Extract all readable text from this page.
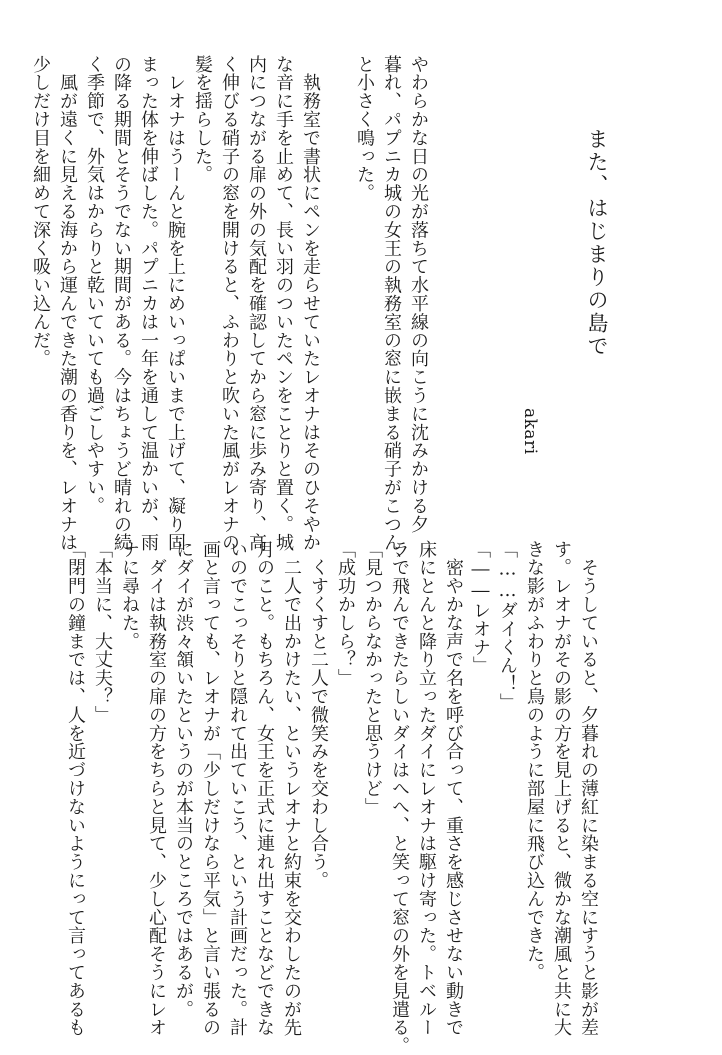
また、はじまりの島で
akari
やわらかな日の光が落ちて水平線の向こうに沈みかける夕
暮れ、パプニカ城の女王の執務室の窓に嵌まる硝子がこつん、
と小さく鳴った。

　執務室で書状にペンを走らせていたレオナはそのひそやか
な音に手を止めて、長い羽のついたペンをことりと置く。城
内につながる扉の外の気配を確認してから窓に歩み寄り、高
く伸びる硝子の窓を開けると、ふわりと吹いた風がレオナの
髪を揺らした。
　レオナはうーんと腕を上にめいっぱいまで上げて、凝り固
まった体を伸ばした。パプニカは一年を通して温かいが、雨
の降る期間とそうでない期間がある。今はちょうど晴れの続
く季節で、外気はからりと乾いていても過ごしやすい。
　風が遠くに見える海から運んできた潮の香りを、レオナは
少しだけ目を細めて深く吸い込んだ。
　そうしていると、夕暮れの薄紅に染まる空にすうと影が差
す。レオナがその影の方を見上げると、微かな潮風と共に大
きな影がふわりと鳥のように部屋に飛び込んできた。
「……ダイくん！」
「――レオナ」
　密やかな声で名を呼び合って、重さを感じさせない動きで
床にとんと降り立ったダイにレオナは駆け寄った。トベルー
ラで飛んできたらしいダイはへへ、と笑って窓の外を見遣る。
「見つからなかったと思うけど」
「成功かしら？」
　くすくすと二人で微笑みを交わし合う。
　二人で出かけたい、というレオナと約束を交わしたのが先
月のこと。もちろん、女王を正式に連れ出すことなどできな
いのでこっそりと隠れて出ていこう、という計画だった。計
画と言っても、レオナが「少しだけなら平気」と言い張るの
にダイが渋々頷いたというのが本当のところではあるが。
　ダイは執務室の扉の方をちらと見て、少し心配そうにレオ
ナに尋ねた。
「本当に、大丈夫？」
「閉門の鐘までは、人を近づけないようにって言ってあるも
